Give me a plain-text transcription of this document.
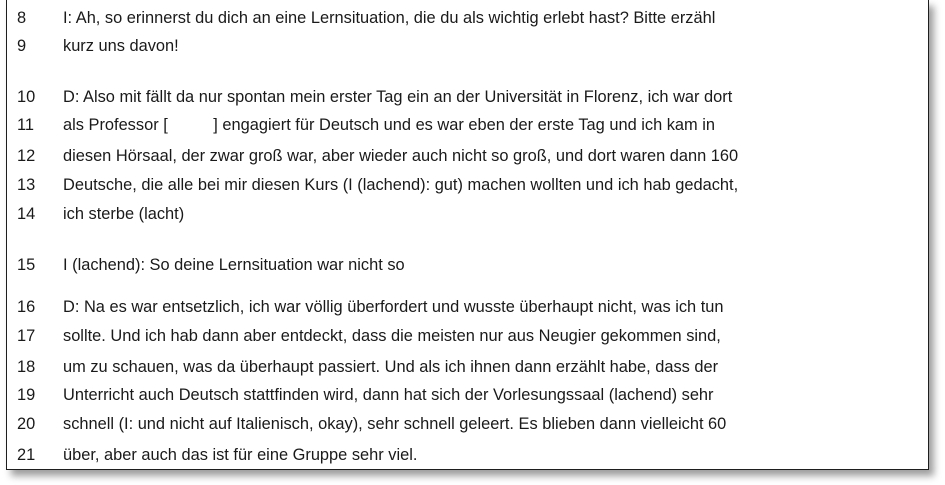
8	I: Ah, so erinnerst du dich an eine Lernsituation, die du als wichtig erlebt hast? Bitte erzähl
9	kurz uns davon!
10	D: Also mit fällt da nur spontan mein erster Tag ein an der Universität in Florenz, ich war dort
11	als Professor [          ] engagiert für Deutsch und es war eben der erste Tag und ich kam in
12	diesen Hörsaal, der zwar groß war, aber wieder auch nicht so groß, und dort waren dann 160
13	Deutsche, die alle bei mir diesen Kurs (I (lachend): gut) machen wollten und ich hab gedacht,
14	ich sterbe (lacht)
15	I (lachend): So deine Lernsituation war nicht so
16	D: Na es war entsetzlich, ich war völlig überfordert und wusste überhaupt nicht, was ich tun
17	sollte. Und ich hab dann aber entdeckt, dass die meisten nur aus Neugier gekommen sind,
18	um zu schauen, was da überhaupt passiert. Und als ich ihnen dann erzählt habe, dass der
19	Unterricht auch Deutsch stattfinden wird, dann hat sich der Vorlesungssaal (lachend) sehr
20	schnell (I: und nicht auf Italienisch, okay), sehr schnell geleert. Es blieben dann vielleicht 60
21	über, aber auch das ist für eine Gruppe sehr viel.
